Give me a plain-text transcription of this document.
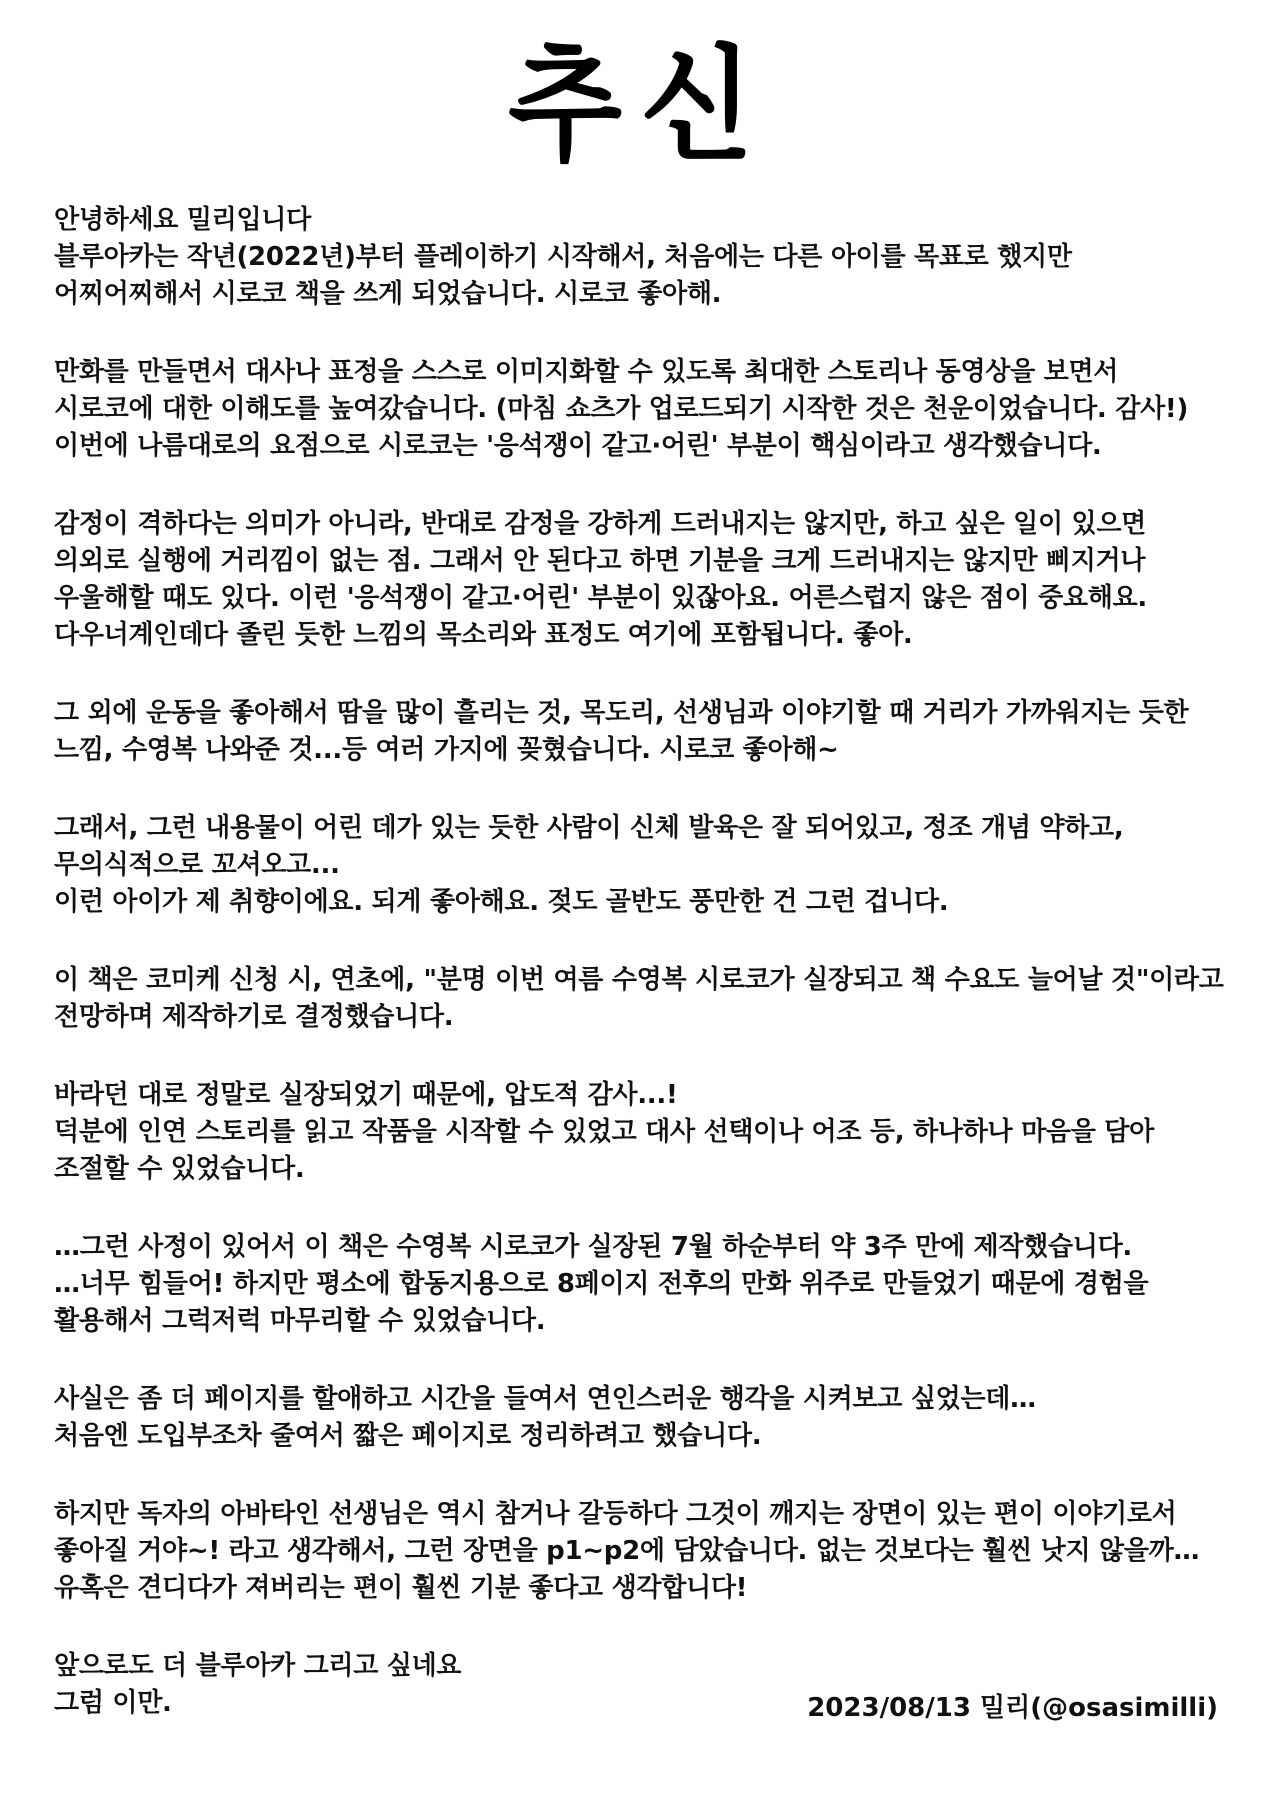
추신
안녕하세요 밀리입니다
블루아카는 작년(2022년)부터 플레이하기 시작해서, 처음에는 다른 아이를 목표로 했지만
어찌어찌해서 시로코 책을 쓰게 되었습니다. 시로코 좋아해.
만화를 만들면서 대사나 표정을 스스로 이미지화할 수 있도록 최대한 스토리나 동영상을 보면서
시로코에 대한 이해도를 높여갔습니다. (마침 쇼츠가 업로드되기 시작한 것은 천운이었습니다. 감사!)
이번에 나름대로의 요점으로 시로코는 '응석쟁이 같고·어린' 부분이 핵심이라고 생각했습니다.
감정이 격하다는 의미가 아니라, 반대로 감정을 강하게 드러내지는 않지만, 하고 싶은 일이 있으면
의외로 실행에 거리낌이 없는 점. 그래서 안 된다고 하면 기분을 크게 드러내지는 않지만 삐지거나
우울해할 때도 있다. 이런 '응석쟁이 같고·어린' 부분이 있잖아요. 어른스럽지 않은 점이 중요해요.
다우너계인데다 졸린 듯한 느낌의 목소리와 표정도 여기에 포함됩니다. 좋아.
그 외에 운동을 좋아해서 땀을 많이 흘리는 것, 목도리, 선생님과 이야기할 때 거리가 가까워지는 듯한
느낌, 수영복 나와준 것...등 여러 가지에 꽂혔습니다. 시로코 좋아해~
그래서, 그런 내용물이 어린 데가 있는 듯한 사람이 신체 발육은 잘 되어있고, 정조 개념 약하고,
무의식적으로 꼬셔오고...
이런 아이가 제 취향이에요. 되게 좋아해요. 젖도 골반도 풍만한 건 그런 겁니다.
이 책은 코미케 신청 시, 연초에, "분명 이번 여름 수영복 시로코가 실장되고 책 수요도 늘어날 것"이라고
전망하며 제작하기로 결정했습니다.
바라던 대로 정말로 실장되었기 때문에, 압도적 감사...!
덕분에 인연 스토리를 읽고 작품을 시작할 수 있었고 대사 선택이나 어조 등, 하나하나 마음을 담아
조절할 수 있었습니다.
…그런 사정이 있어서 이 책은 수영복 시로코가 실장된 7월 하순부터 약 3주 만에 제작했습니다.
…너무 힘들어! 하지만 평소에 합동지용으로 8페이지 전후의 만화 위주로 만들었기 때문에 경험을
활용해서 그럭저럭 마무리할 수 있었습니다.
사실은 좀 더 페이지를 할애하고 시간을 들여서 연인스러운 행각을 시켜보고 싶었는데…
처음엔 도입부조차 줄여서 짧은 페이지로 정리하려고 했습니다.
하지만 독자의 아바타인 선생님은 역시 참거나 갈등하다 그것이 깨지는 장면이 있는 편이 이야기로서
좋아질 거야~! 라고 생각해서, 그런 장면을 p1~p2에 담았습니다. 없는 것보다는 훨씬 낫지 않을까…
유혹은 견디다가 져버리는 편이 훨씬 기분 좋다고 생각합니다!
앞으로도 더 블루아카 그리고 싶네요
그럼 이만.	2023/08/13 밀리(@osasimilli)
